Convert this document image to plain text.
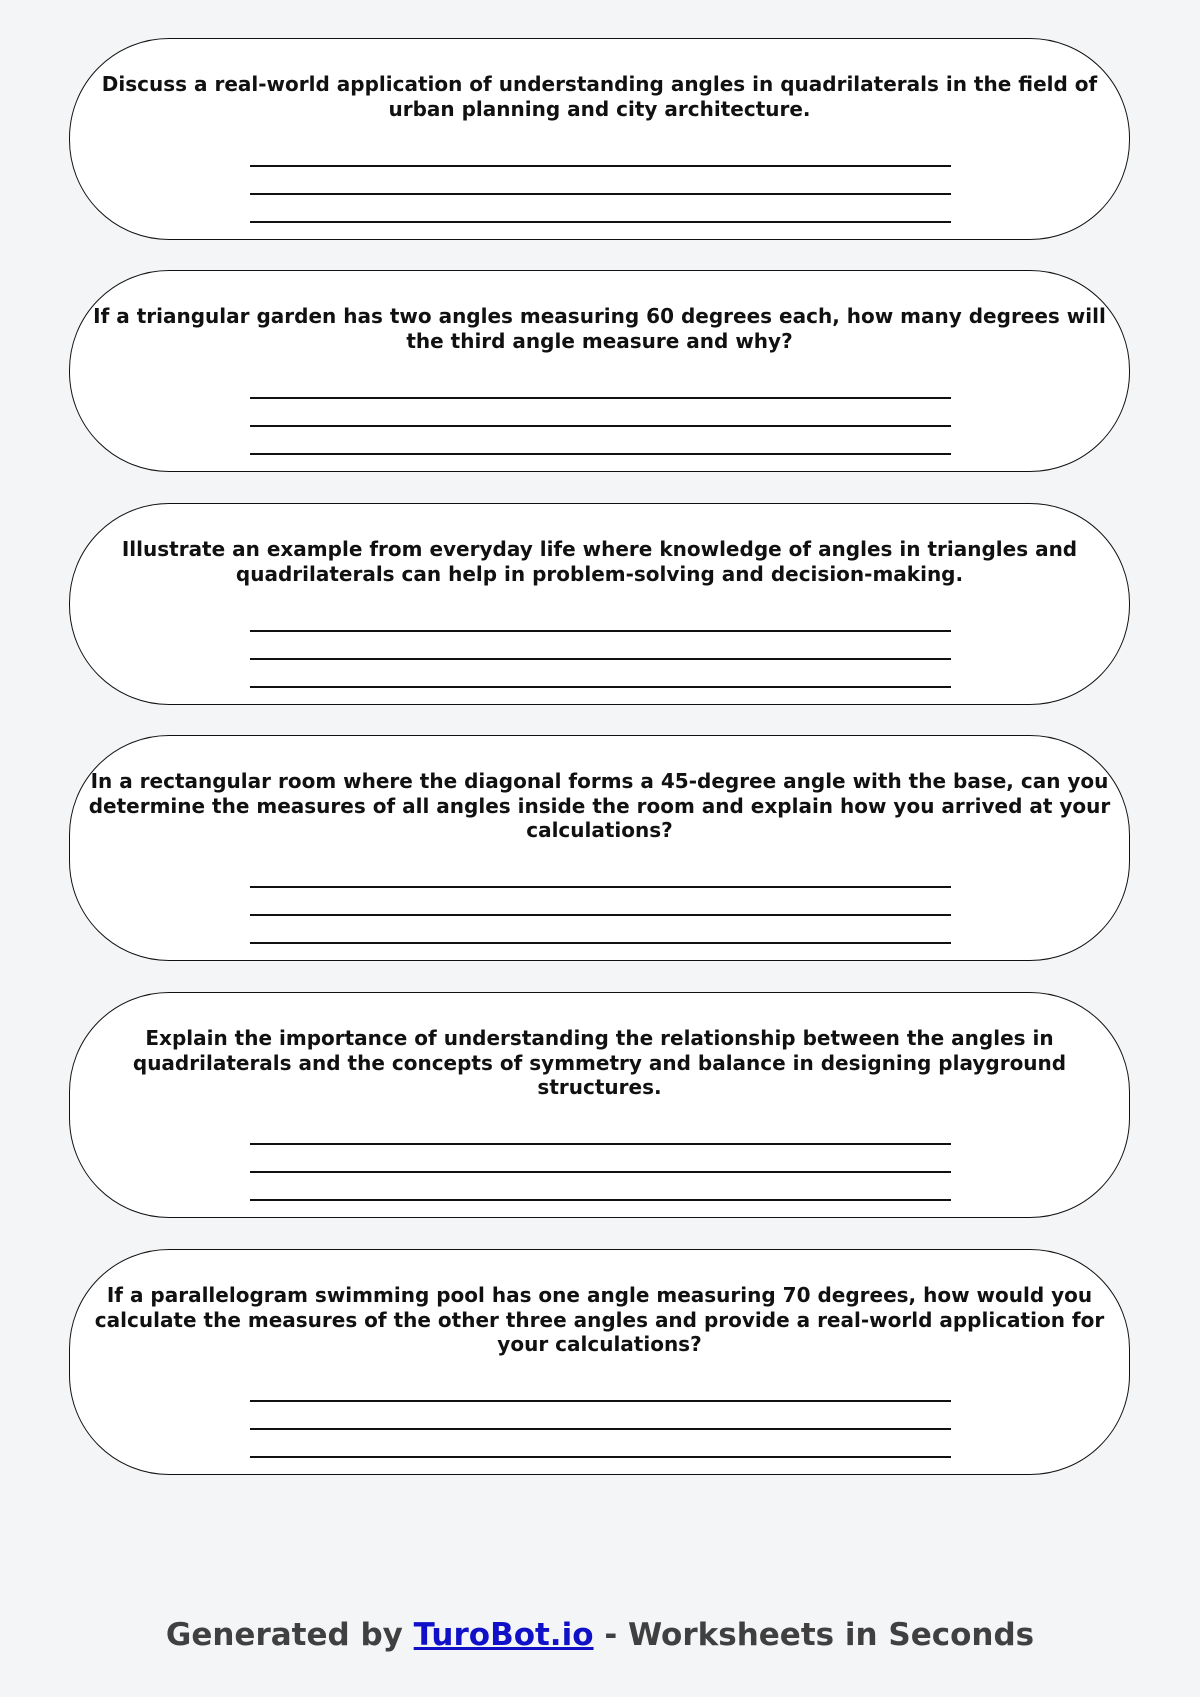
Discuss a real-world application of understanding angles in quadrilaterals in the field of urban planning and city architecture.

If a triangular garden has two angles measuring 60 degrees each, how many degrees will the third angle measure and why?

Illustrate an example from everyday life where knowledge of angles in triangles and quadrilaterals can help in problem-solving and decision-making.

In a rectangular room where the diagonal forms a 45-degree angle with the base, can you determine the measures of all angles inside the room and explain how you arrived at your calculations?

Explain the importance of understanding the relationship between the angles in quadrilaterals and the concepts of symmetry and balance in designing playground structures.

If a parallelogram swimming pool has one angle measuring 70 degrees, how would you calculate the measures of the other three angles and provide a real-world application for your calculations?

Generated by TuroBot.io - Worksheets in Seconds
